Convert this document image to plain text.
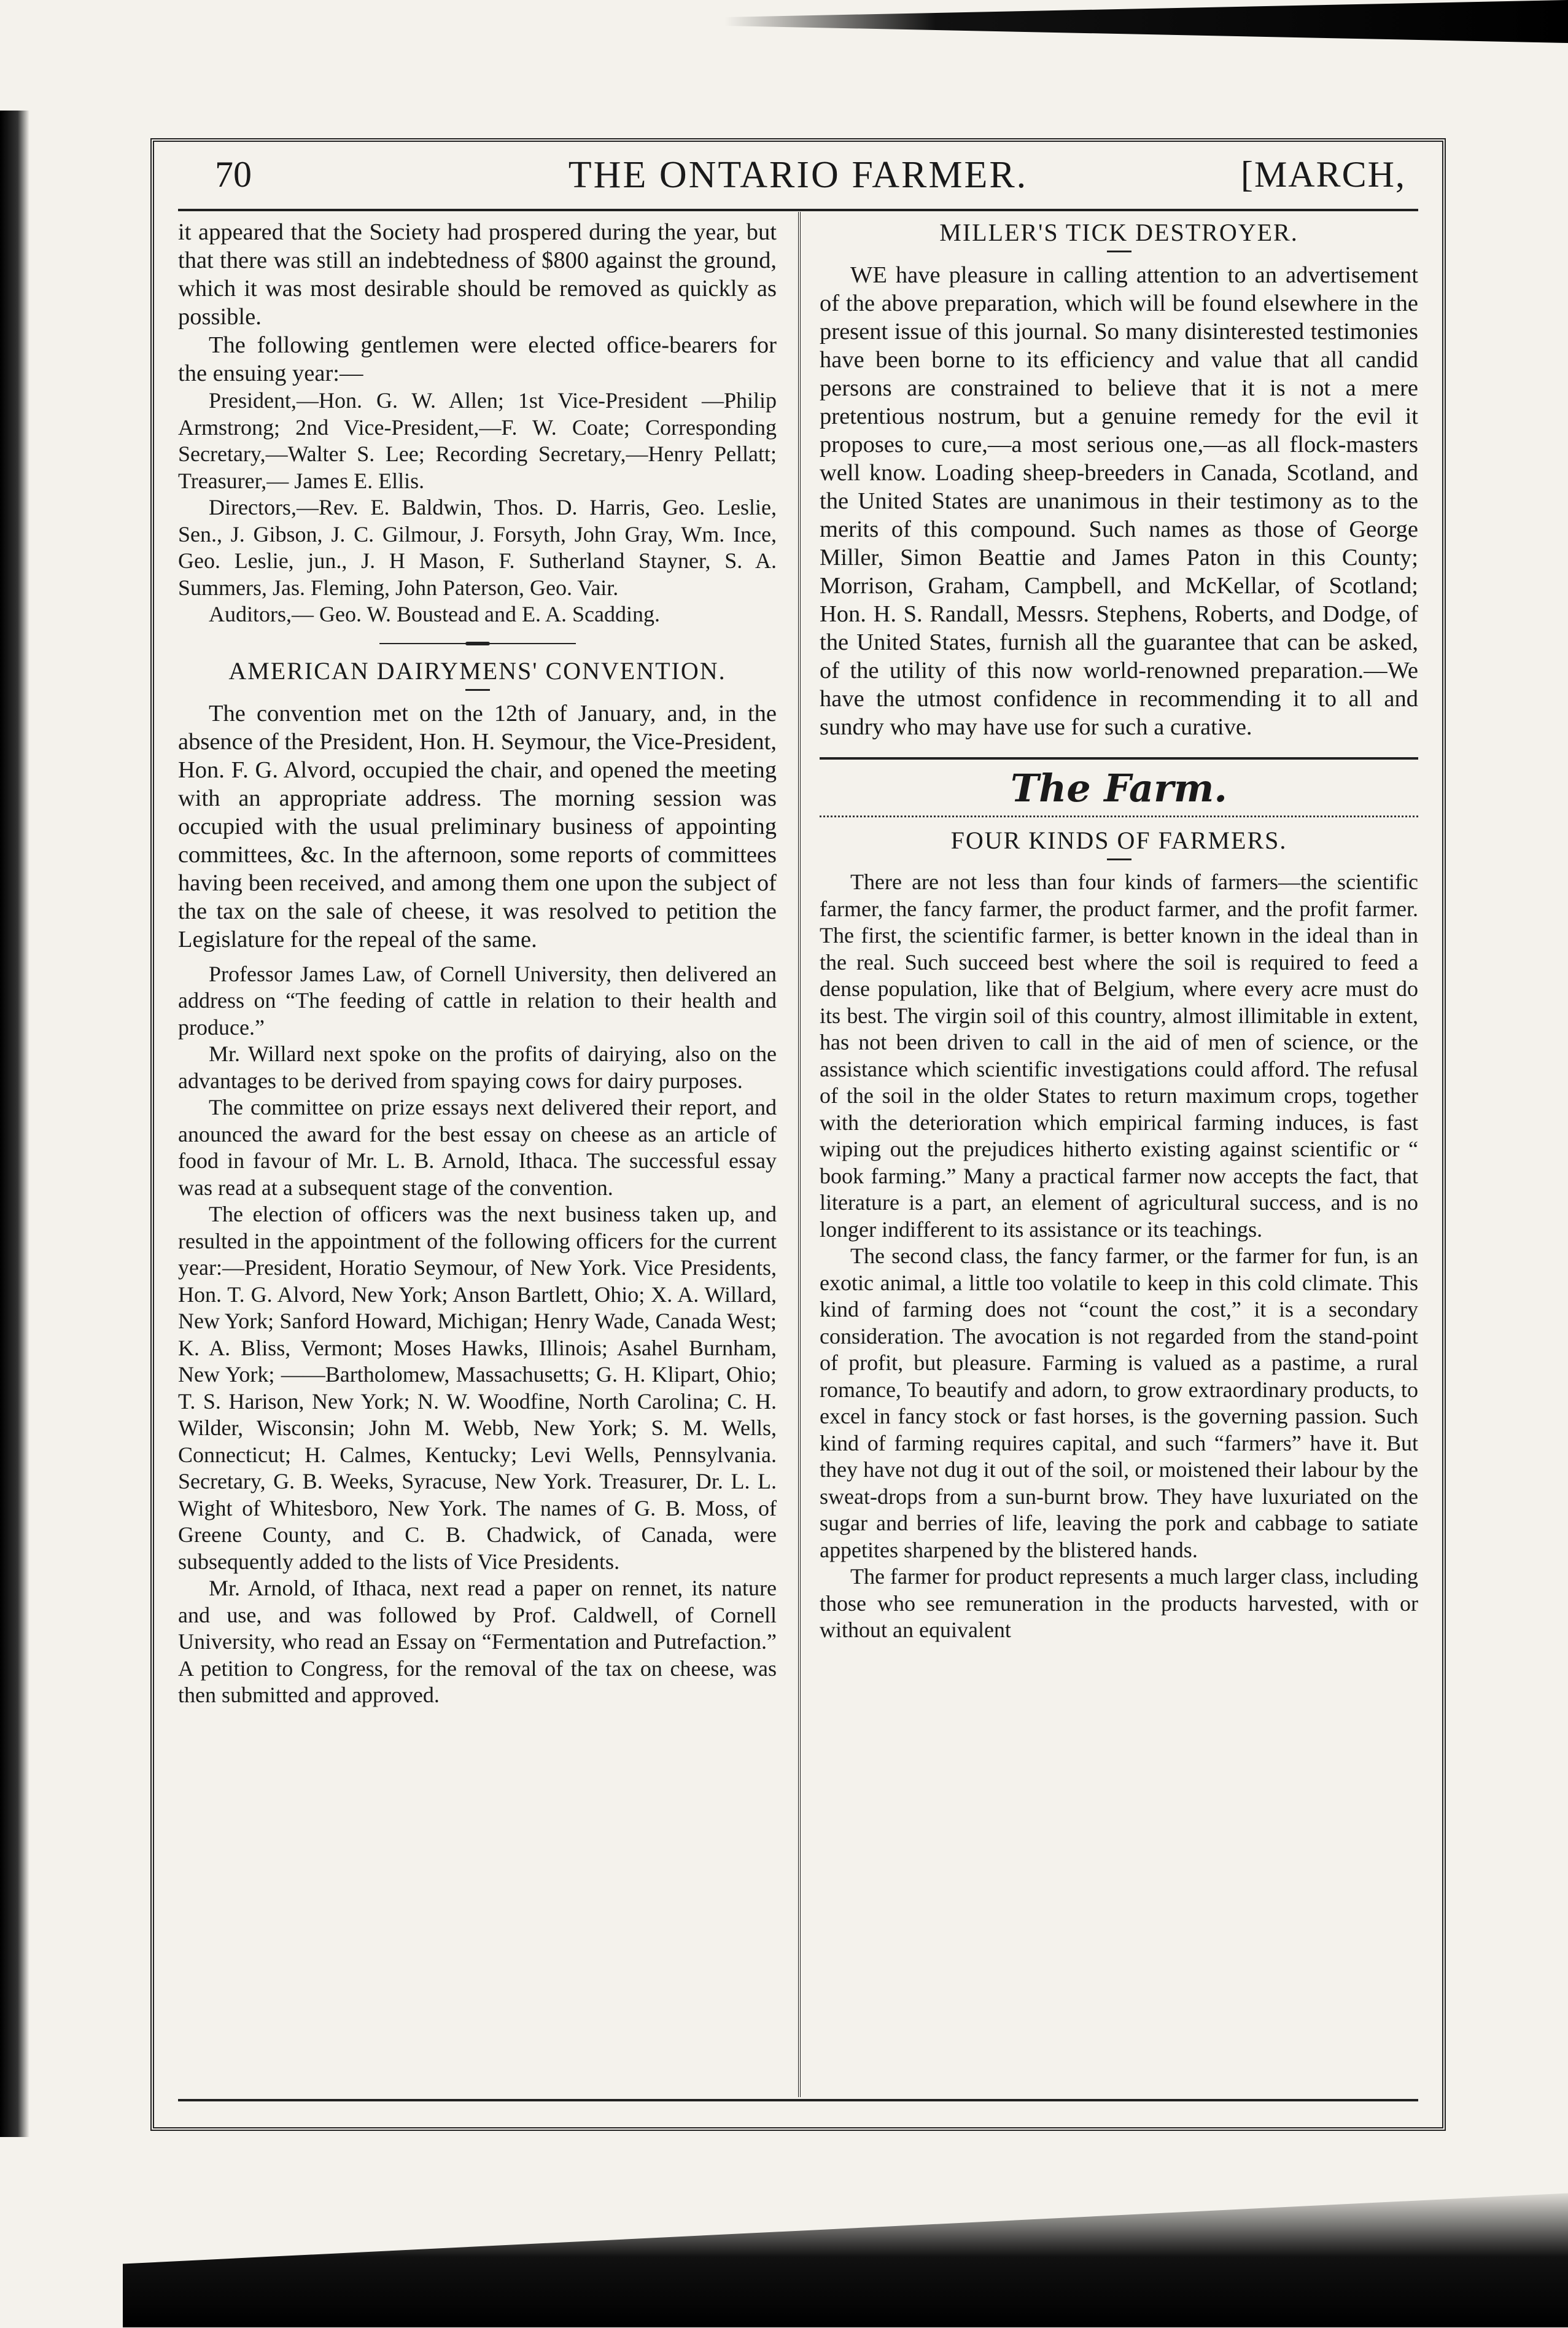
70	THE ONTARIO FARMER.	[MARCH,

it appeared that the Society had prospered during the year, but that there was still an indebtedness of $800 against the ground, which it was most desirable should be removed as quickly as possible.

The following gentlemen were elected office-bearers for the ensuing year:—

President,—Hon. G. W. Allen; 1st Vice-President —Philip Armstrong; 2nd Vice-President,—F. W. Coate; Corresponding Secretary,—Walter S. Lee; Recording Secretary,—Henry Pellatt; Treasurer,— James E. Ellis.

Directors,—Rev. E. Baldwin, Thos. D. Harris, Geo. Leslie, Sen., J. Gibson, J. C. Gilmour, J. Forsyth, John Gray, Wm. Ince, Geo. Leslie, jun., J. H Mason, F. Sutherland Stayner, S. A. Summers, Jas. Fleming, John Paterson, Geo. Vair.

Auditors,— Geo. W. Boustead and E. A. Scadding.

AMERICAN DAIRYMENS' CONVENTION.

The convention met on the 12th of January, and, in the absence of the President, Hon. H. Seymour, the Vice-President, Hon. F. G. Alvord, occupied the chair, and opened the meeting with an appropriate address. The morning session was occupied with the usual preliminary business of appointing committees, &c. In the afternoon, some reports of committees having been received, and among them one upon the subject of the tax on the sale of cheese, it was resolved to petition the Legislature for the repeal of the same.

Professor James Law, of Cornell University, then delivered an address on “The feeding of cattle in relation to their health and produce.”

Mr. Willard next spoke on the profits of dairying, also on the advantages to be derived from spaying cows for dairy purposes.

The committee on prize essays next delivered their report, and anounced the award for the best essay on cheese as an article of food in favour of Mr. L. B. Arnold, Ithaca. The successful essay was read at a subsequent stage of the convention.

The election of officers was the next business taken up, and resulted in the appointment of the following officers for the current year:—President, Horatio Seymour, of New York. Vice Presidents, Hon. T. G. Alvord, New York; Anson Bartlett, Ohio; X. A. Willard, New York; Sanford Howard, Michigan; Henry Wade, Canada West; K. A. Bliss, Vermont; Moses Hawks, Illinois; Asahel Burnham, New York; ——Bartholomew, Massachusetts; G. H. Klipart, Ohio; T. S. Harison, New York; N. W. Woodfine, North Carolina; C. H. Wilder, Wisconsin; John M. Webb, New York; S. M. Wells, Connecticut; H. Calmes, Kentucky; Levi Wells, Pennsylvania. Secretary, G. B. Weeks, Syracuse, New York. Treasurer, Dr. L. L. Wight of Whitesboro, New York. The names of G. B. Moss, of Greene County, and C. B. Chadwick, of Canada, were subsequently added to the lists of Vice Presidents.

Mr. Arnold, of Ithaca, next read a paper on rennet, its nature and use, and was followed by Prof. Caldwell, of Cornell University, who read an Essay on “Fermentation and Putrefaction.” A petition to Congress, for the removal of the tax on cheese, was then submitted and approved.

MILLER'S TICK DESTROYER.

WE have pleasure in calling attention to an advertisement of the above preparation, which will be found elsewhere in the present issue of this journal. So many disinterested testimonies have been borne to its efficiency and value that all candid persons are constrained to believe that it is not a mere pretentious nostrum, but a genuine remedy for the evil it proposes to cure,—a most serious one,—as all flock-masters well know. Loading sheep-breeders in Canada, Scotland, and the United States are unanimous in their testimony as to the merits of this compound. Such names as those of George Miller, Simon Beattie and James Paton in this County; Morrison, Graham, Campbell, and McKellar, of Scotland; Hon. H. S. Randall, Messrs. Stephens, Roberts, and Dodge, of the United States, furnish all the guarantee that can be asked, of the utility of this now world-renowned preparation.—We have the utmost confidence in recommending it to all and sundry who may have use for such a curative.

The Farm.
FOUR KINDS OF FARMERS.

There are not less than four kinds of farmers—the scientific farmer, the fancy farmer, the product farmer, and the profit farmer. The first, the scientific farmer, is better known in the ideal than in the real. Such succeed best where the soil is required to feed a dense population, like that of Belgium, where every acre must do its best. The virgin soil of this country, almost illimitable in extent, has not been driven to call in the aid of men of science, or the assistance which scientific investigations could afford. The refusal of the soil in the older States to return maximum crops, together with the deterioration which empirical farming induces, is fast wiping out the prejudices hitherto existing against scientific or “ book farming.” Many a practical farmer now accepts the fact, that literature is a part, an element of agricultural success, and is no longer indifferent to its assistance or its teachings.

The second class, the fancy farmer, or the farmer for fun, is an exotic animal, a little too volatile to keep in this cold climate. This kind of farming does not “count the cost,” it is a secondary consideration. The avocation is not regarded from the stand-point of profit, but pleasure. Farming is valued as a pastime, a rural romance, To beautify and adorn, to grow extraordinary products, to excel in fancy stock or fast horses, is the governing passion. Such kind of farming requires capital, and such “farmers” have it. But they have not dug it out of the soil, or moistened their labour by the sweat-drops from a sun-burnt brow. They have luxuriated on the sugar and berries of life, leaving the pork and cabbage to satiate appetites sharpened by the blistered hands.

The farmer for product represents a much larger class, including those who see remuneration in the products harvested, with or without an equivalent
